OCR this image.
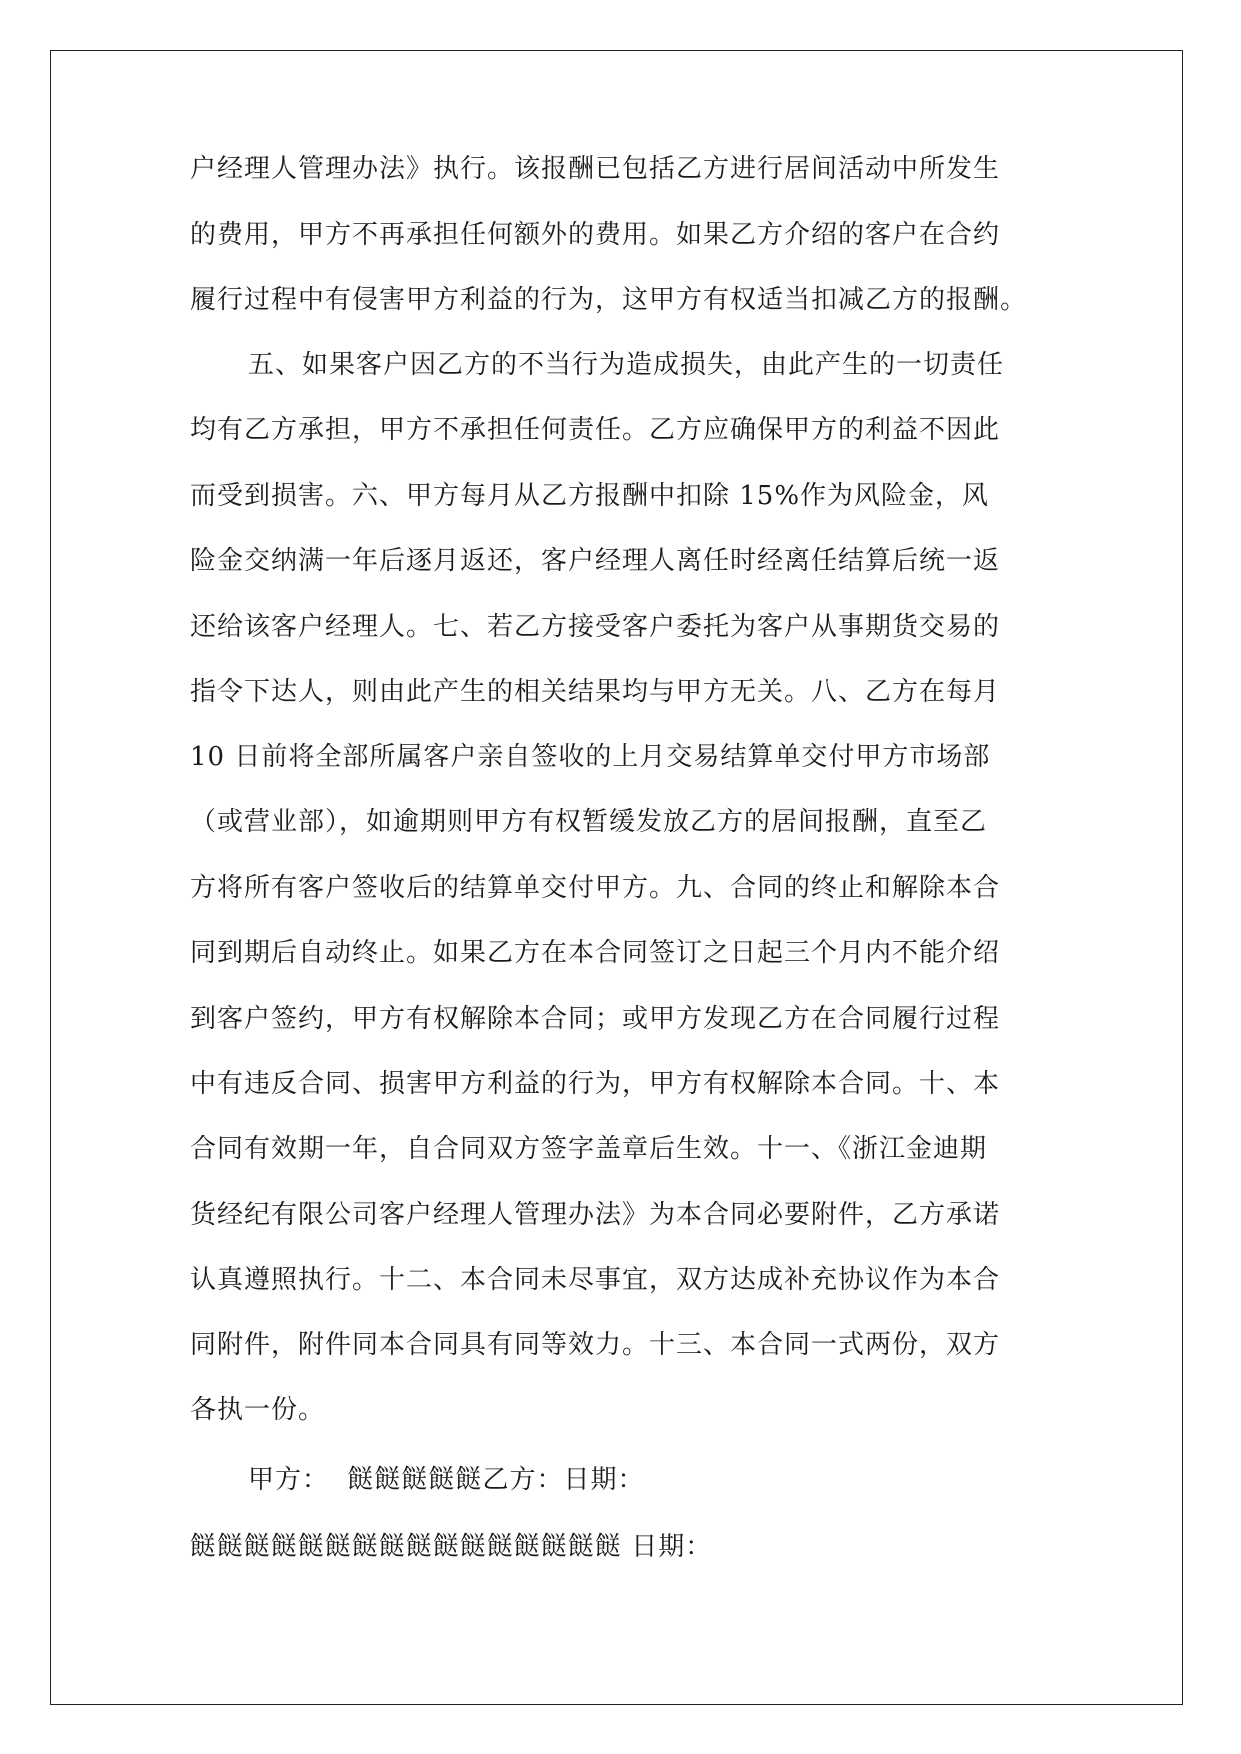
户经理人管理办法》执行。该报酬已包括乙方进行居间活动中所发生
的费用，甲方不再承担任何额外的费用。如果乙方介绍的客户在合约
履行过程中有侵害甲方利益的行为，这甲方有权适当扣减乙方的报酬。
五、如果客户因乙方的不当行为造成损失，由此产生的一切责任
均有乙方承担，甲方不承担任何责任。乙方应确保甲方的利益不因此
而受到损害。六、甲方每月从乙方报酬中扣除 15%作为风险金，风
险金交纳满一年后逐月返还，客户经理人离任时经离任结算后统一返
还给该客户经理人。七、若乙方接受客户委托为客户从事期货交易的
指令下达人，则由此产生的相关结果均与甲方无关。八、乙方在每月
10 日前将全部所属客户亲自签收的上月交易结算单交付甲方市场部
（或营业部），如逾期则甲方有权暂缓发放乙方的居间报酬，直至乙
方将所有客户签收后的结算单交付甲方。九、合同的终止和解除本合
同到期后自动终止。如果乙方在本合同签订之日起三个月内不能介绍
到客户签约，甲方有权解除本合同；或甲方发现乙方在合同履行过程
中有违反合同、损害甲方利益的行为，甲方有权解除本合同。十、本
合同有效期一年，自合同双方签字盖章后生效。十一、《浙江金迪期
货经纪有限公司客户经理人管理办法》为本合同必要附件，乙方承诺
认真遵照执行。十二、本合同未尽事宜，双方达成补充协议作为本合
同附件，附件同本合同具有同等效力。十三、本合同一式两份，双方
各执一份。
甲方：  餸餸餸餸餸乙方：日期：
餸餸餸餸餸餸餸餸餸餸餸餸餸餸餸餸 日期：
